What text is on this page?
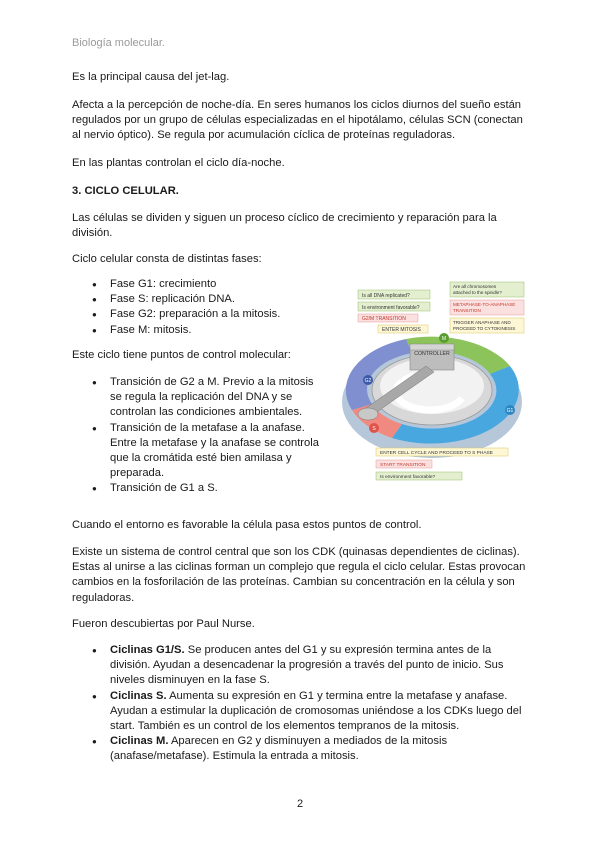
Biología molecular.
Es la principal causa del jet-lag.
Afecta a la percepción de noche-día. En seres humanos los ciclos diurnos del sueño están regulados por un grupo de células especializadas en el hipotálamo, células SCN (conectan al nervio óptico). Se regula por acumulación cíclica de proteínas reguladoras.
En las plantas controlan el ciclo día-noche.
3. CICLO CELULAR.
Las células se dividen y siguen un proceso cíclico de crecimiento y reparación para la división.
Ciclo celular consta de distintas fases:
● Fase G1: crecimiento
● Fase S: replicación DNA.
● Fase G2: preparación a la mitosis.
● Fase M: mitosis.
Este ciclo tiene puntos de control molecular:
● Transición de G2 a M. Previo a la mitosis se regula la replicación del DNA y se controlan las condiciones ambientales.
● Transición de la metafase a la anafase. Entre la metafase y la anafase se controla que la cromátida esté bien amilasa y preparada.
● Transición de G1 a S.
Is all DNA replicated?
Is environment favorable?
G2/M TRANSITION
ENTER MITOSIS
Are all chromosomes attached to the spindle?
METAPHASE-TO-ANAPHASE TRANSITION
TRIGGER ANAPHASE AND PROCEED TO CYTOKINESIS
CONTROLLER
G2
M
S
G1
ENTER CELL CYCLE AND PROCEED TO S PHASE
START TRANSITION
Is environment favorable?
Cuando el entorno es favorable la célula pasa estos puntos de control.
Existe un sistema de control central que son los CDK (quinasas dependientes de ciclinas). Estas al unirse a las ciclinas forman un complejo que regula el ciclo celular. Estas provocan cambios en la fosforilación de las proteínas. Cambian su concentración en la célula y son reguladoras.
Fueron descubiertas por Paul Nurse.
● Ciclinas G1/S. Se producen antes del G1 y su expresión termina antes de la división. Ayudan a desencadenar la progresión a través del punto de inicio. Sus niveles disminuyen en la fase S.
● Ciclinas S. Aumenta su expresión en G1 y termina entre la metafase y anafase. Ayudan a estimular la duplicación de cromosomas uniéndose a los CDKs luego del start. También es un control de los elementos tempranos de la mitosis.
● Ciclinas M. Aparecen en G2 y disminuyen a mediados de la mitosis (anafase/metafase). Estimula la entrada a mitosis.
2
